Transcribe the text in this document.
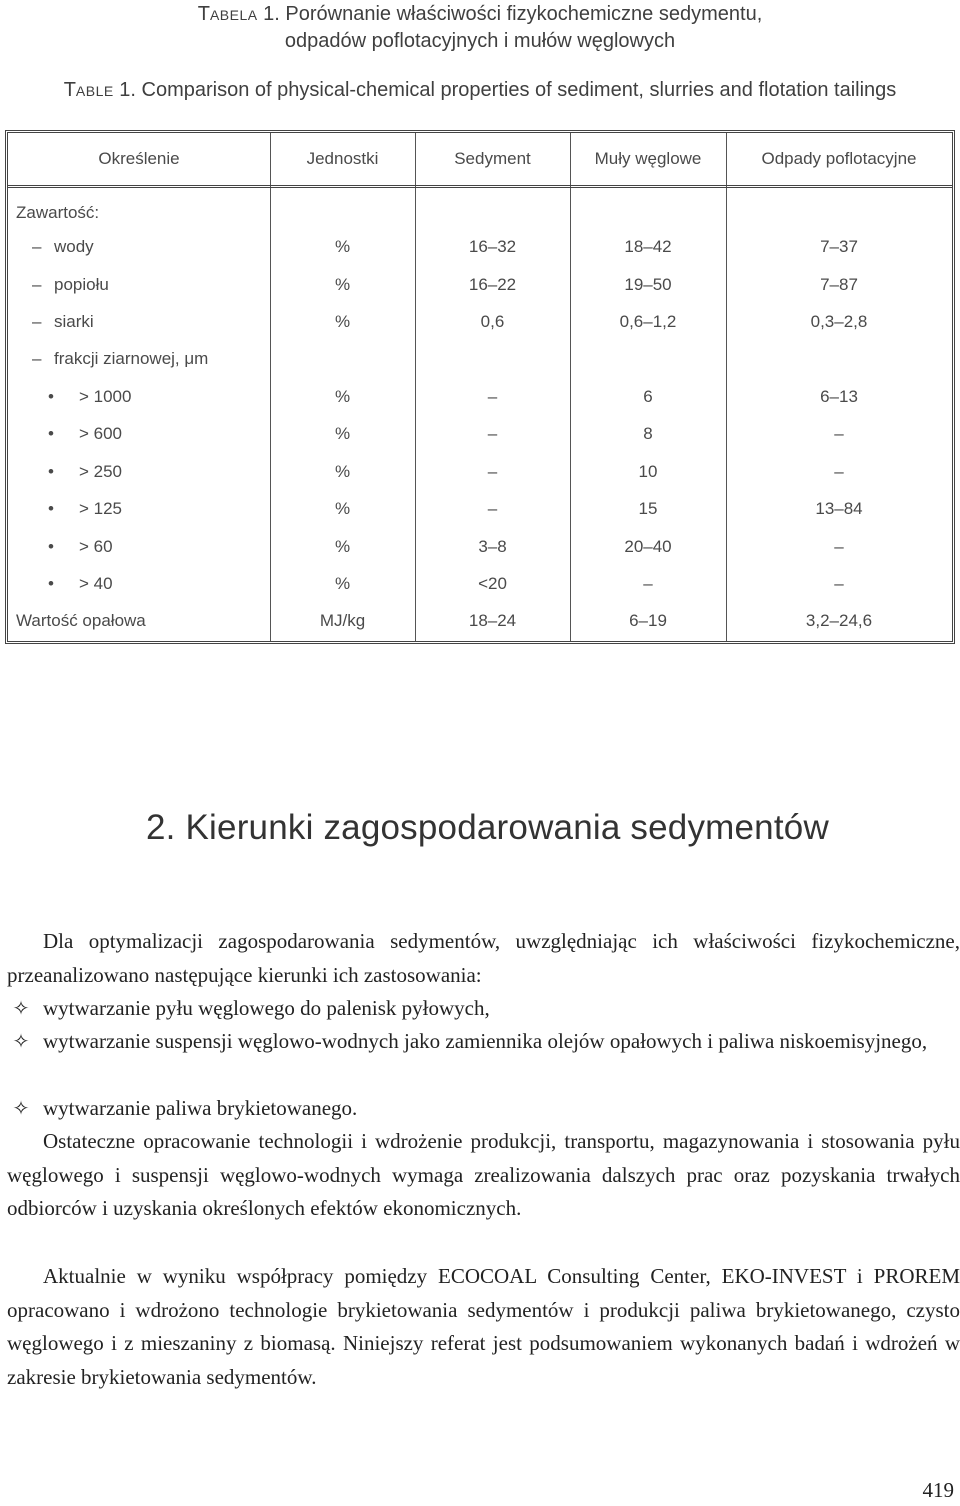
TABELA 1. Porównanie właściwości fizykochemiczne sedymentu,
odpadów poflotacyjnych i mułów węglowych
TABLE 1. Comparison of physical-chemical properties of sediment, slurries and flotation tailings
Określenie	Jednostki	Sedyment	Muły węglowe	Odpady poflotacyjne
Zawartość:
– wody	%	16–32	18–42	7–37
– popiołu	%	16–22	19–50	7–87
– siarki	%	0,6	0,6–1,2	0,3–2,8
– frakcji ziarnowej, μm
• > 1000	%	–	6	6–13
• > 600	%	–	8	–
• > 250	%	–	10	–
• > 125	%	–	15	13–84
• > 60	%	3–8	20–40	–
• > 40	%	<20	–	–
Wartość opałowa	MJ/kg	18–24	6–19	3,2–24,6
2. Kierunki zagospodarowania sedymentów

Dla optymalizacji zagospodarowania sedymentów, uwzględniając ich właściwości fizykochemiczne, przeanalizowano następujące kierunki ich zastosowania:

✧ wytwarzanie pyłu węglowego do palenisk pyłowych,
✧ wytwarzanie suspensji węglowo-wodnych jako zamiennika olejów opałowych i paliwa niskoemisyjnego,
✧ wytwarzanie paliwa brykietowanego.

Ostateczne opracowanie technologii i wdrożenie produkcji, transportu, magazynowania i stosowania pyłu węglowego i suspensji węglowo-wodnych wymaga zrealizowania dalszych prac oraz pozyskania trwałych odbiorców i uzyskania określonych efektów ekonomicznych.

Aktualnie w wyniku współpracy pomiędzy ECOCOAL Consulting Center, EKO-INVEST i PROREM opracowano i wdrożono technologie brykietowania sedymentów i produkcji paliwa brykietowanego, czysto węglowego i z mieszaniny z biomasą. Niniejszy referat jest podsumowaniem wykonanych badań i wdrożeń w zakresie brykietowania sedymentów.

419
